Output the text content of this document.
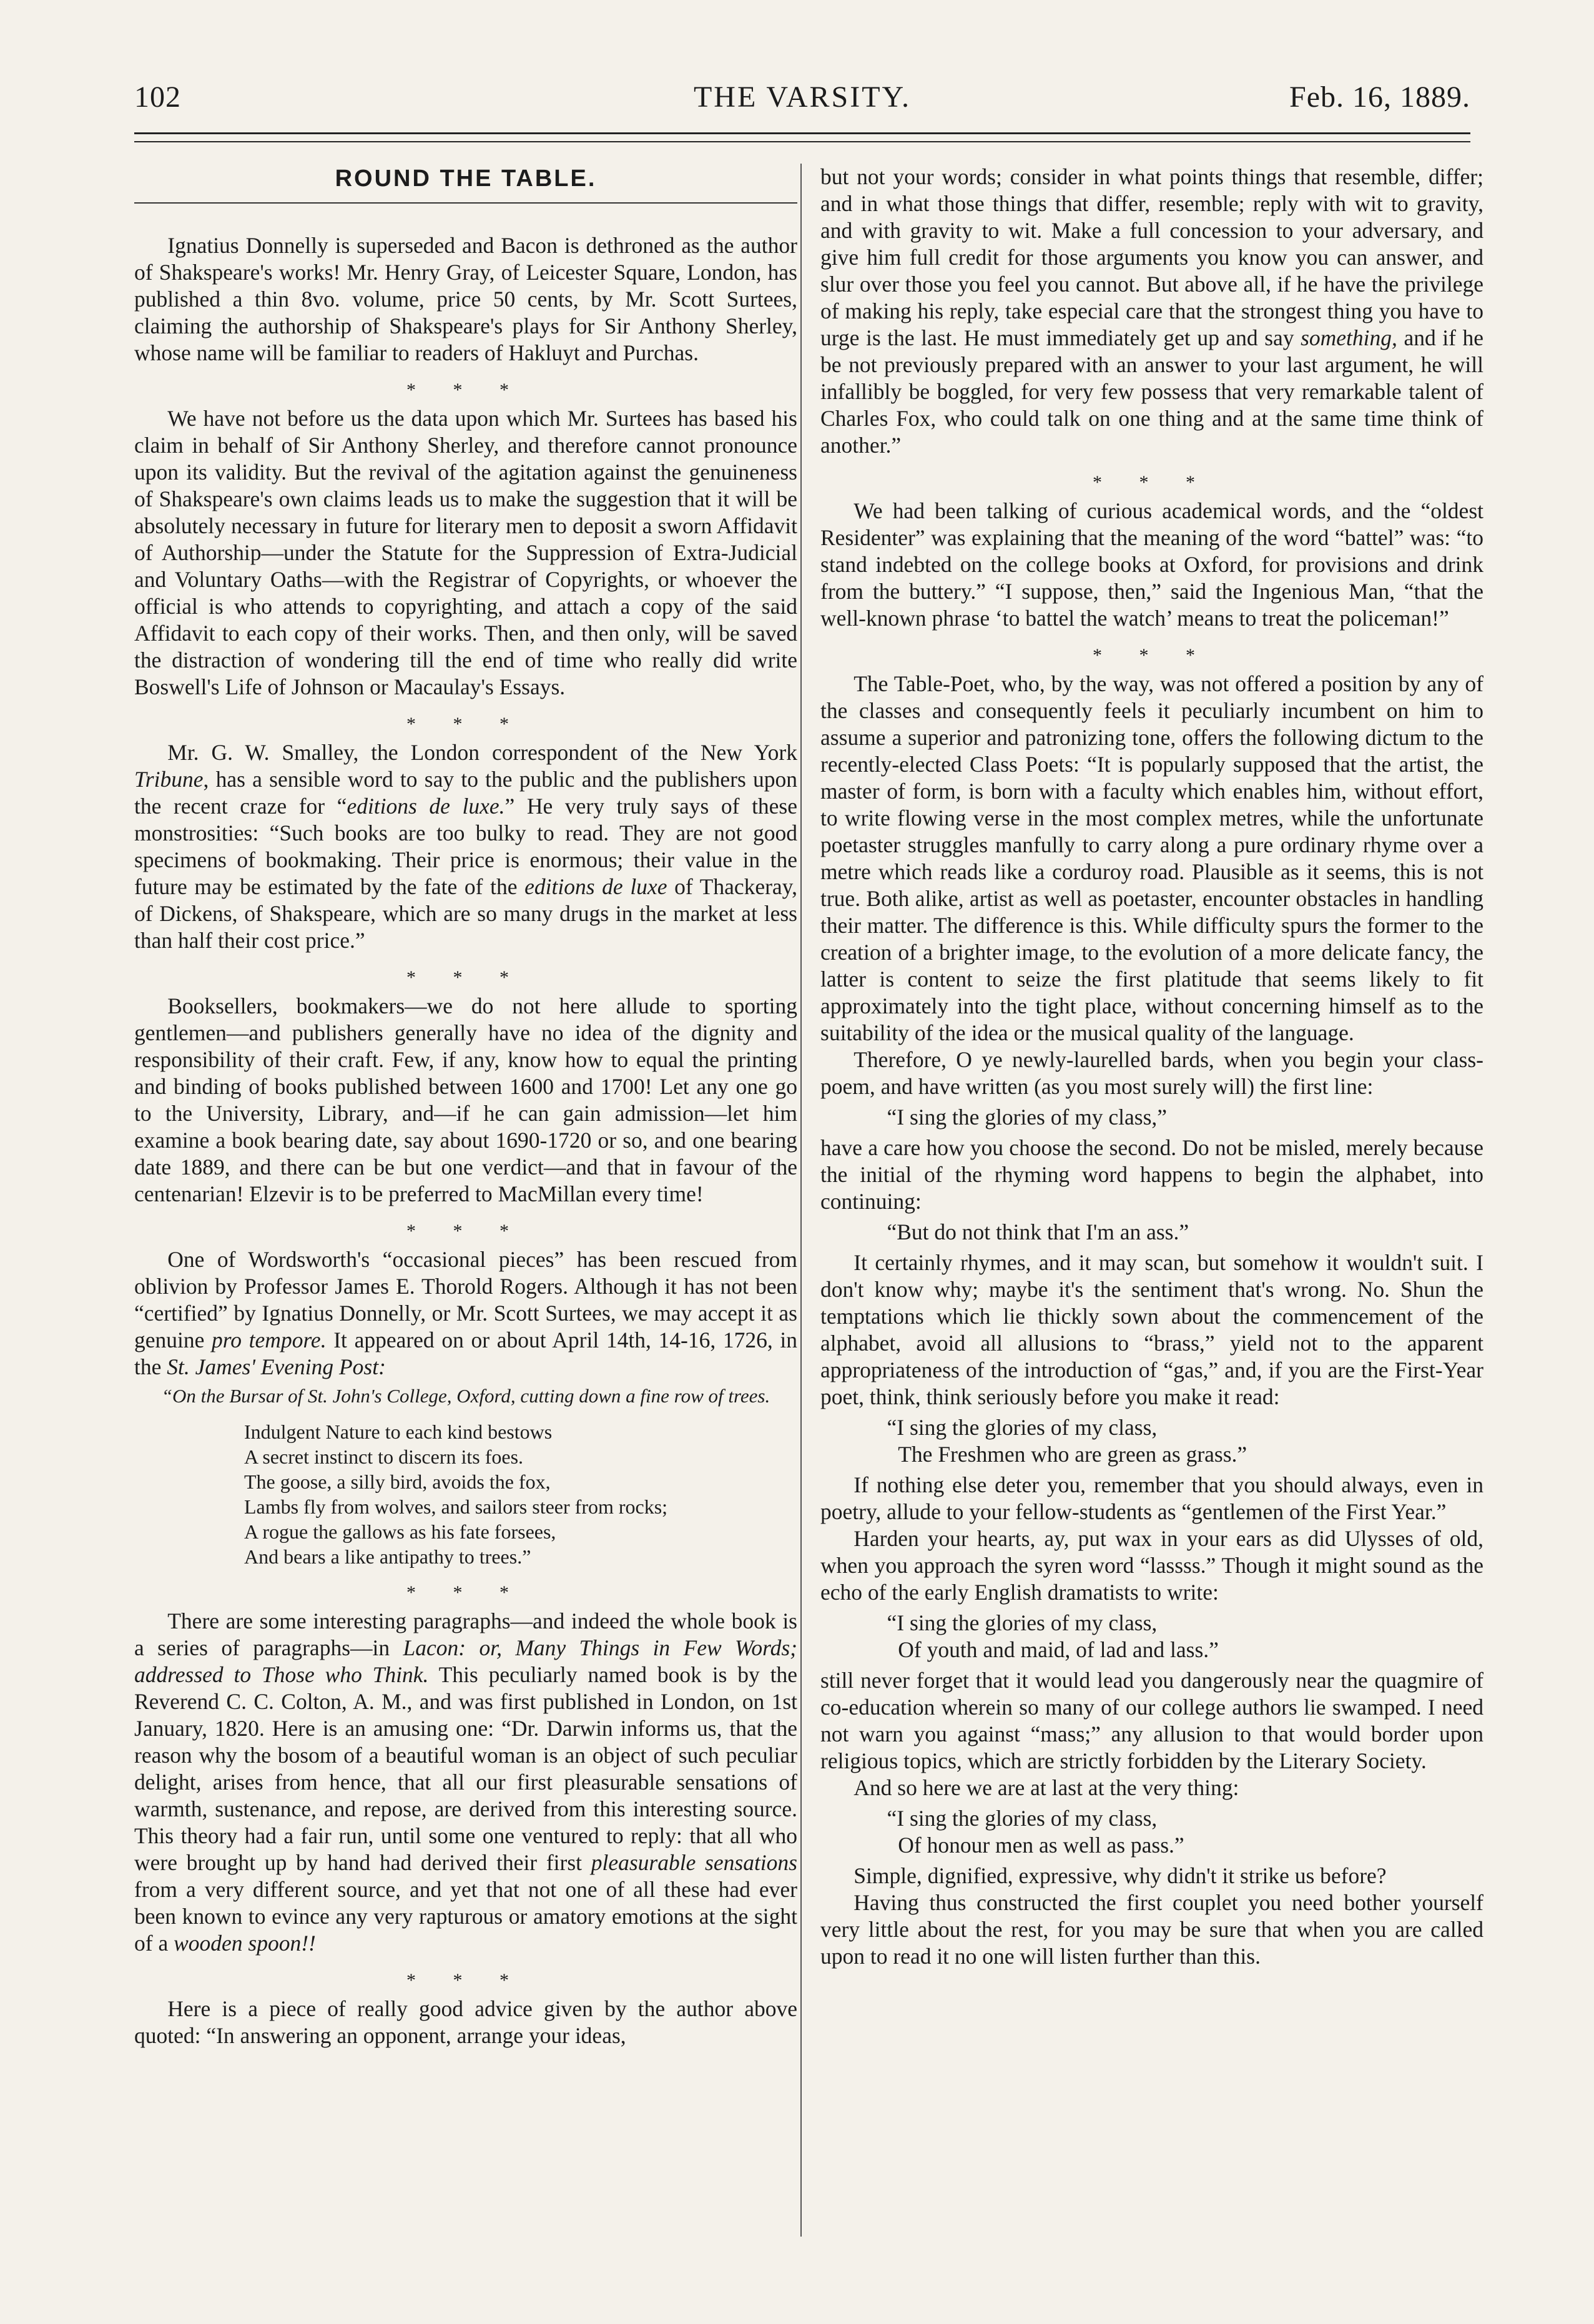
THE VARSITY.
102	Feb. 16, 1889.
ROUND THE TABLE.

Ignatius Donnelly is superseded and Bacon is dethroned as the author of Shakspeare's works! Mr. Henry Gray, of Leicester Square, London, has published a thin 8vo. volume, price 50 cents, by Mr. Scott Surtees, claiming the authorship of Shakspeare's plays for Sir Anthony Sherley, whose name will be familiar to readers of Hakluyt and Purchas.

* * *

We have not before us the data upon which Mr. Surtees has based his claim in behalf of Sir Anthony Sherley, and therefore cannot pronounce upon its validity. But the revival of the agitation against the genuineness of Shakspeare's own claims leads us to make the suggestion that it will be absolutely necessary in future for literary men to deposit a sworn Affidavit of Authorship—under the Statute for the Suppression of Extra-Judicial and Voluntary Oaths—with the Registrar of Copyrights, or whoever the official is who attends to copyrighting, and attach a copy of the said Affidavit to each copy of their works. Then, and then only, will be saved the distraction of wondering till the end of time who really did write Boswell's Life of Johnson or Macaulay's Essays.

* * *

Mr. G. W. Smalley, the London correspondent of the New York Tribune, has a sensible word to say to the public and the publishers upon the recent craze for “editions de luxe.” He very truly says of these monstrosities: “Such books are too bulky to read. They are not good specimens of bookmaking. Their price is enormous; their value in the future may be estimated by the fate of the editions de luxe of Thackeray, of Dickens, of Shakspeare, which are so many drugs in the market at less than half their cost price.”

* * *

Booksellers, bookmakers—we do not here allude to sporting gentlemen—and publishers generally have no idea of the dignity and responsibility of their craft. Few, if any, know how to equal the printing and binding of books published between 1600 and 1700! Let any one go to the University, Library, and—if he can gain admission—let him examine a book bearing date, say about 1690-1720 or so, and one bearing date 1889, and there can be but one verdict—and that in favour of the centenarian! Elzevir is to be preferred to MacMillan every time!

* * *

One of Wordsworth's “occasional pieces” has been rescued from oblivion by Professor James E. Thorold Rogers. Although it has not been “certified” by Ignatius Donnelly, or Mr. Scott Surtees, we may accept it as genuine pro tempore. It appeared on or about April 14th, 14-16, 1726, in the St. James' Evening Post:

“On the Bursar of St. John's College, Oxford, cutting down a fine row of trees.
Indulgent Nature to each kind bestows
A secret instinct to discern its foes.
The goose, a silly bird, avoids the fox,
Lambs fly from wolves, and sailors steer from rocks;
A rogue the gallows as his fate forsees,
And bears a like antipathy to trees.”
* * *

There are some interesting paragraphs—and indeed the whole book is a series of paragraphs—in Lacon: or, Many Things in Few Words; addressed to Those who Think. This peculiarly named book is by the Reverend C. C. Colton, A. M., and was first published in London, on 1st January, 1820. Here is an amusing one: “Dr. Darwin informs us, that the reason why the bosom of a beautiful woman is an object of such peculiar delight, arises from hence, that all our first pleasurable sensations of warmth, sustenance, and repose, are derived from this interesting source. This theory had a fair run, until some one ventured to reply: that all who were brought up by hand had derived their first pleasurable sensations from a very different source, and yet that not one of all these had ever been known to evince any very rapturous or amatory emotions at the sight of a wooden spoon!!

* * *

Here is a piece of really good advice given by the author above quoted: “In answering an opponent, arrange your ideas,

but not your words; consider in what points things that resemble, differ; and in what those things that differ, resemble; reply with wit to gravity, and with gravity to wit. Make a full concession to your adversary, and give him full credit for those arguments you know you can answer, and slur over those you feel you cannot. But above all, if he have the privilege of making his reply, take especial care that the strongest thing you have to urge is the last. He must immediately get up and say something, and if he be not previously prepared with an answer to your last argument, he will infallibly be boggled, for very few possess that very remarkable talent of Charles Fox, who could talk on one thing and at the same time think of another.”

* * *

We had been talking of curious academical words, and the “oldest Residenter” was explaining that the meaning of the word “battel” was: “to stand indebted on the college books at Oxford, for provisions and drink from the buttery.” “I suppose, then,” said the Ingenious Man, “that the well-known phrase ‘to battel the watch’ means to treat the policeman!”

* * *

The Table-Poet, who, by the way, was not offered a position by any of the classes and consequently feels it peculiarly incumbent on him to assume a superior and patronizing tone, offers the following dictum to the recently-elected Class Poets: “It is popularly supposed that the artist, the master of form, is born with a faculty which enables him, without effort, to write flowing verse in the most complex metres, while the unfortunate poetaster struggles manfully to carry along a pure ordinary rhyme over a metre which reads like a corduroy road. Plausible as it seems, this is not true. Both alike, artist as well as poetaster, encounter obstacles in handling their matter. The difference is this. While difficulty spurs the former to the creation of a brighter image, to the evolution of a more delicate fancy, the latter is content to seize the first platitude that seems likely to fit approximately into the tight place, without concerning himself as to the suitability of the idea or the musical quality of the language.

Therefore, O ye newly-laurelled bards, when you begin your class-poem, and have written (as you most surely will) the first line:

“I sing the glories of my class,”

have a care how you choose the second. Do not be misled, merely because the initial of the rhyming word happens to begin the alphabet, into continuing:

“But do not think that I'm an ass.”

It certainly rhymes, and it may scan, but somehow it wouldn't suit. I don't know why; maybe it's the sentiment that's wrong. No. Shun the temptations which lie thickly sown about the commencement of the alphabet, avoid all allusions to “brass,” yield not to the apparent appropriateness of the introduction of “gas,” and, if you are the First-Year poet, think, think seriously before you make it read:

“I sing the glories of my class,
The Freshmen who are green as grass.”

If nothing else deter you, remember that you should always, even in poetry, allude to your fellow-students as “gentlemen of the First Year.”

Harden your hearts, ay, put wax in your ears as did Ulysses of old, when you approach the syren word “lassss.” Though it might sound as the echo of the early English dramatists to write:

“I sing the glories of my class,
Of youth and maid, of lad and lass.”

still never forget that it would lead you dangerously near the quagmire of co-education wherein so many of our college authors lie swamped. I need not warn you against “mass;” any allusion to that would border upon religious topics, which are strictly forbidden by the Literary Society.

And so here we are at last at the very thing:

“I sing the glories of my class,
Of honour men as well as pass.”

Simple, dignified, expressive, why didn't it strike us before?

Having thus constructed the first couplet you need bother yourself very little about the rest, for you may be sure that when you are called upon to read it no one will listen further than this.
